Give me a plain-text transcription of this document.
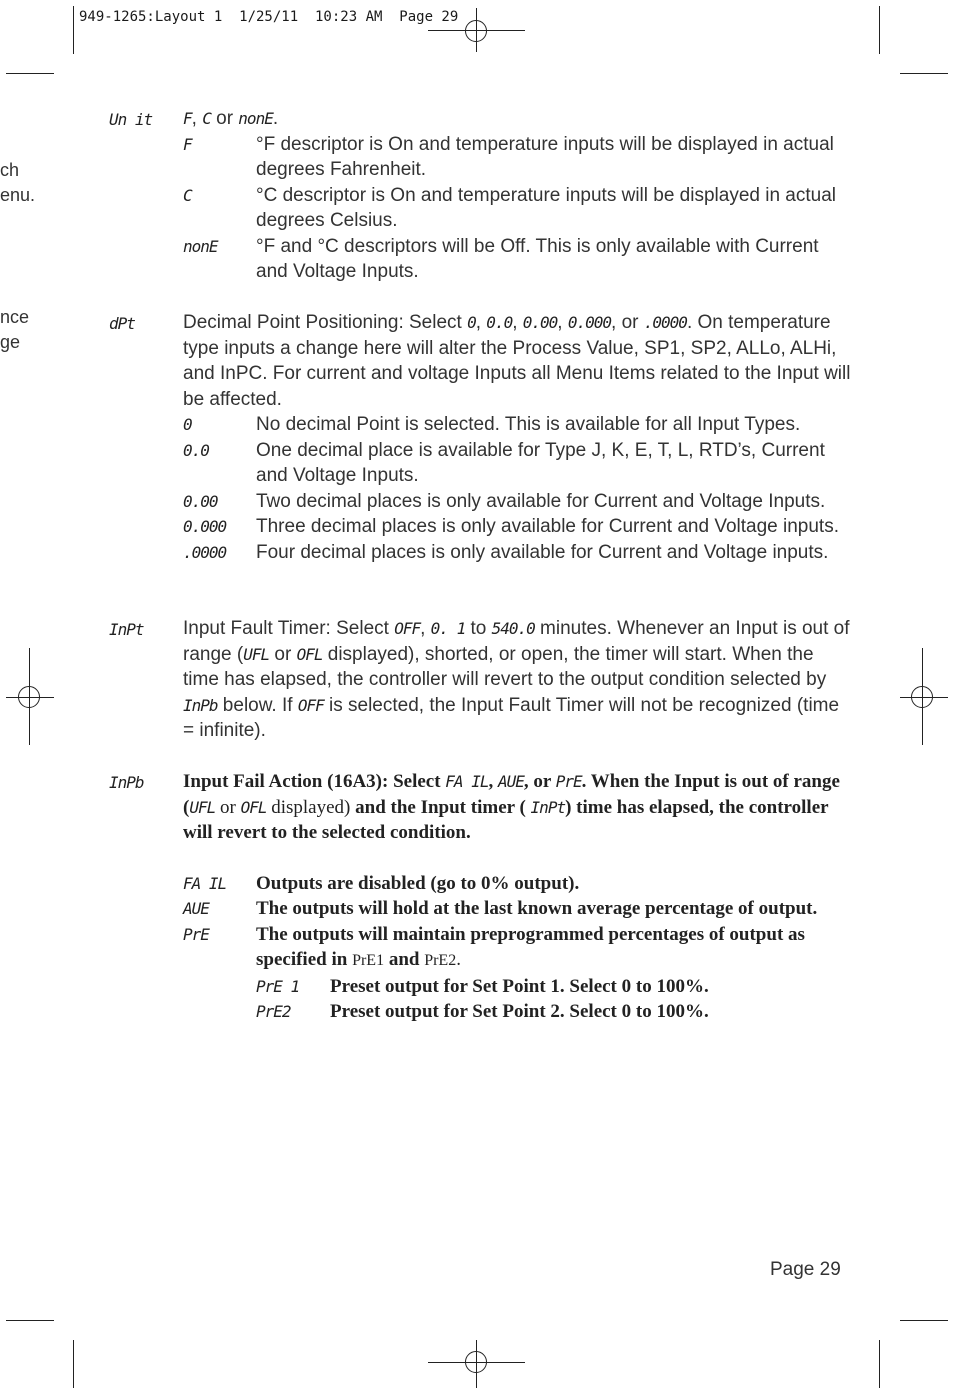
949-1265:Layout 1  1/25/11  10:23 AM  Page 29
ch
enu.
nce
ge
Un it F, C or nonE.
F	°F descriptor is On and temperature inputs will be displayed in actual degrees Fahrenheit.
C	°C descriptor is On and temperature inputs will be displayed in actual degrees Celsius.
nonE	°F and °C descriptors will be Off. This is only available with Current and Voltage Inputs.
dPt	Decimal Point Positioning: Select 0, 0.0, 0.00, 0.000, or .0000. On temperature type inputs a change here will alter the Process Value, SP1, SP2, ALLo, ALHi, and InPC. For current and voltage Inputs all Menu Items related to the Input will be affected.
0	No decimal Point is selected. This is available for all Input Types.
0.0	One decimal place is available for Type J, K, E, T, L, RTD’s, Current and Voltage Inputs.
0.00	Two decimal places is only available for Current and Voltage Inputs.
0.000	Three decimal places is only available for Current and Voltage inputs.
.0000	Four decimal places is only available for Current and Voltage inputs.
InPt Input Fault Timer: Select OFF, 0. 1 to 540.0 minutes. Whenever an Input is out of range (UFL or OFL displayed), shorted, or open, the timer will start. When the time has elapsed, the controller will revert to the output condition selected by InPb below. If OFF is selected, the Input Fault Timer will not be recognized (time = infinite).
InPb Input Fail Action (16A3): Select FA IL, AUE, or PrE. When the Input is out of range (UFL or OFL displayed) and the Input timer ( InPt) time has elapsed, the controller will revert to the selected condition.
FA IL	Outputs are disabled (go to 0% output).
AUE	The outputs will hold at the last known average percentage of output.
PrE	The outputs will maintain preprogrammed percentages of output as specified in PrE1 and PrE2.
PrE 1	Preset output for Set Point 1. Select 0 to 100%.
PrE2	Preset output for Set Point 2. Select 0 to 100%.
Page 29
